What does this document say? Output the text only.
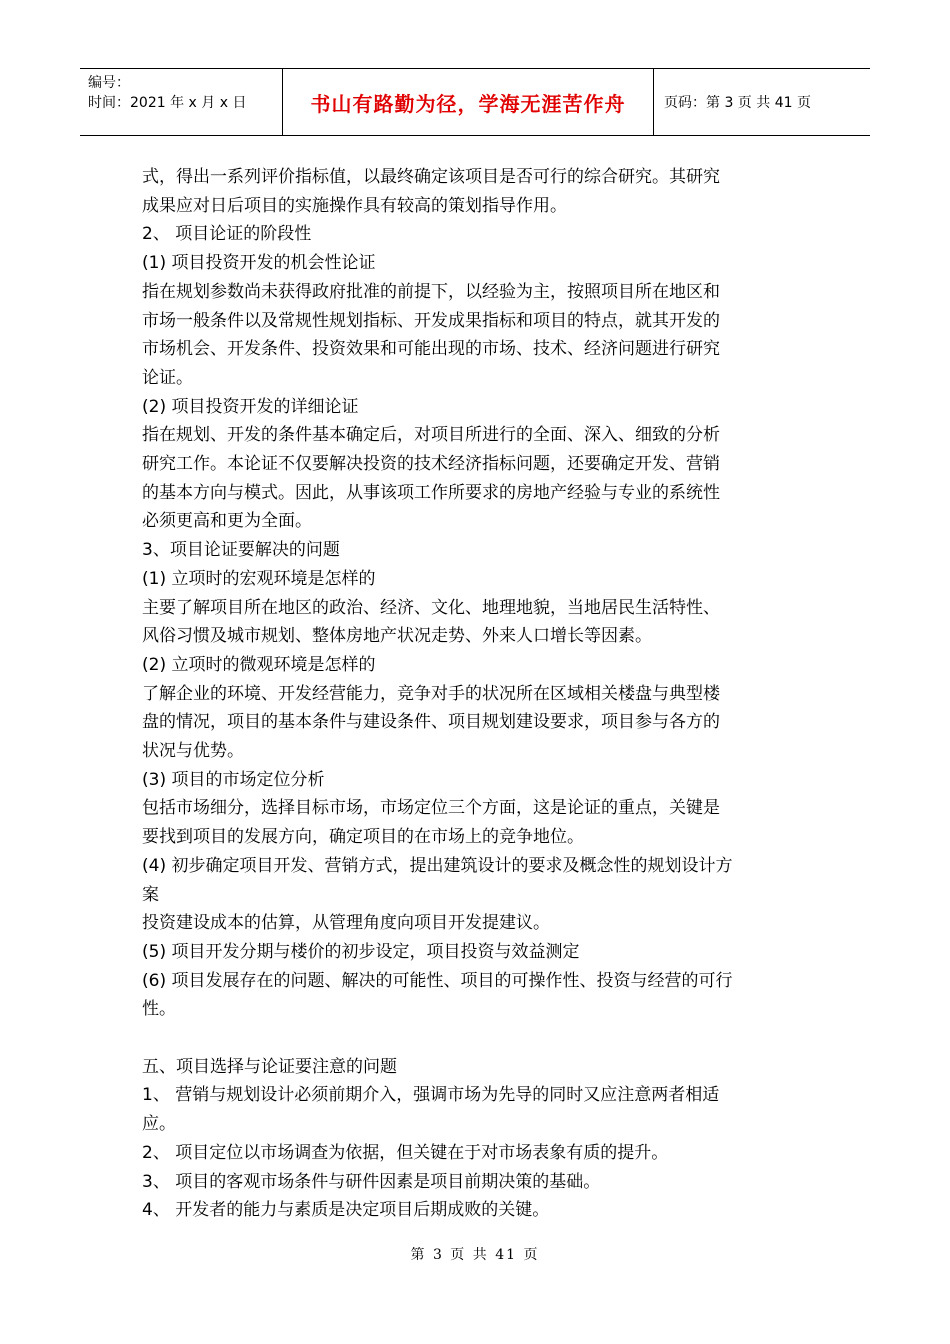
编号：
时间：2021 年 x 月 x 日	书山有路勤为径，学海无涯苦作舟	页码：第 3 页 共 41 页

式，得出一系列评价指标值，以最终确定该项目是否可行的综合研究。其研究

成果应对日后项目的实施操作具有较高的策划指导作用。

2、 项目论证的阶段性

(1) 项目投资开发的机会性论证

指在规划参数尚未获得政府批准的前提下，以经验为主，按照项目所在地区和

市场一般条件以及常规性规划指标、开发成果指标和项目的特点，就其开发的

市场机会、开发条件、投资效果和可能出现的市场、技术、经济问题进行研究

论证。

(2) 项目投资开发的详细论证

指在规划、开发的条件基本确定后，对项目所进行的全面、深入、细致的分析

研究工作。本论证不仅要解决投资的技术经济指标问题，还要确定开发、营销

的基本方向与模式。因此，从事该项工作所要求的房地产经验与专业的系统性

必须更高和更为全面。

3、项目论证要解决的问题

(1) 立项时的宏观环境是怎样的

主要了解项目所在地区的政治、经济、文化、地理地貌，当地居民生活特性、

风俗习惯及城市规划、整体房地产状况走势、外来人口增长等因素。

(2) 立项时的微观环境是怎样的

了解企业的环境、开发经营能力，竞争对手的状况所在区域相关楼盘与典型楼

盘的情况，项目的基本条件与建设条件、项目规划建设要求，项目参与各方的

状况与优势。

(3) 项目的市场定位分析

包括市场细分，选择目标市场，市场定位三个方面，这是论证的重点，关键是

要找到项目的发展方向，确定项目的在市场上的竞争地位。

(4) 初步确定项目开发、营销方式，提出建筑设计的要求及概念性的规划设计方

案

投资建设成本的估算，从管理角度向项目开发提建议。

(5) 项目开发分期与楼价的初步设定，项目投资与效益测定

(6) 项目发展存在的问题、解决的可能性、项目的可操作性、投资与经营的可行

性。

五、项目选择与论证要注意的问题

1、 营销与规划设计必须前期介入，强调市场为先导的同时又应注意两者相适

应。

2、 项目定位以市场调查为依据，但关键在于对市场表象有质的提升。

3、 项目的客观市场条件与研件因素是项目前期决策的基础。

4、 开发者的能力与素质是决定项目后期成败的关键。

第 3 页 共 41 页
